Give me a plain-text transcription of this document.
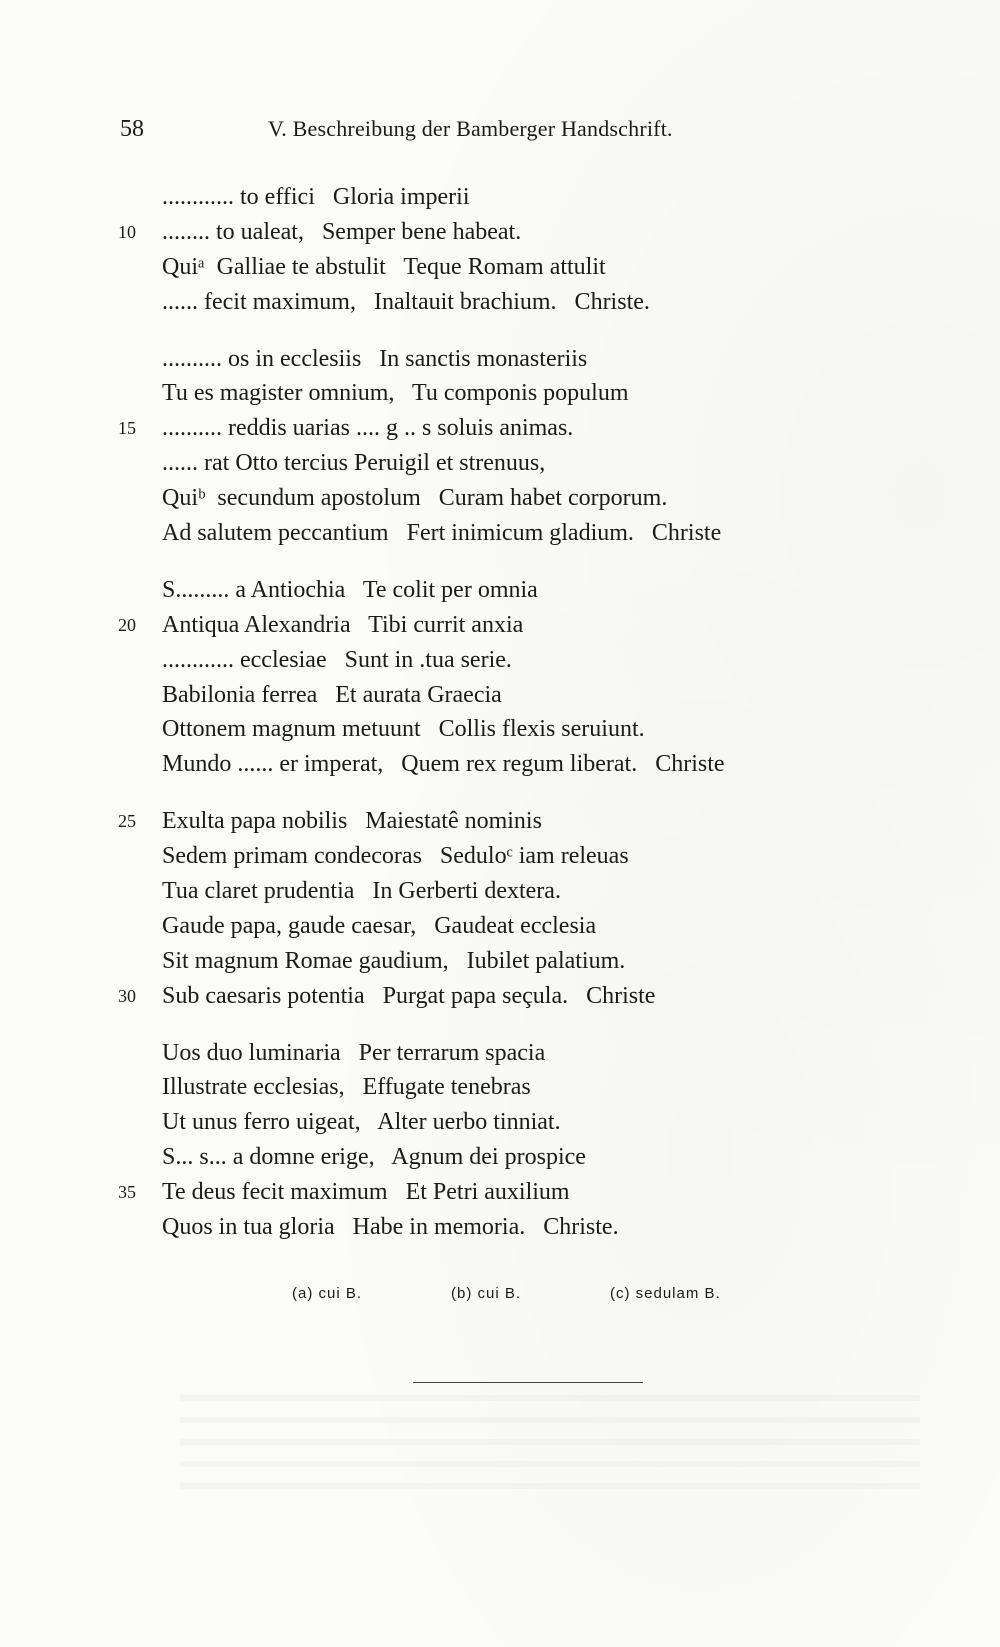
58	V. Beschreibung der Bamberger Handschrift.
............ to effici   Gloria imperii
10	........ to ualeat,   Semper bene habeat.
Quiᵃ  Galliae te abstulit   Teque Romam attulit
...... fecit maximum,   Inaltauit brachium.   Christe.
.......... os in ecclesiis   In sanctis monasteriis
Tu es magister omnium,   Tu componis populum
15	.......... reddis uarias .... g .. s soluis animas.
...... rat Otto tercius Peruigil et strenuus,
Quiᵇ  secundum apostolum   Curam habet corporum.
Ad salutem peccantium   Fert inimicum gladium.   Christe
S......... a Antiochia   Te colit per omnia
20	Antiqua Alexandria   Tibi currit anxia
............ ecclesiae   Sunt in .tua serie.
Babilonia ferrea   Et aurata Graecia
Ottonem magnum metuunt   Collis flexis seruiunt.
Mundo ...... er imperat,   Quem rex regum liberat.   Christe
25	Exulta papa nobilis   Maiestatê nominis
Sedem primam condecoras   Seduloᶜ iam releuas
Tua claret prudentia   In Gerberti dextera.
Gaude papa, gaude caesar,   Gaudeat ecclesia
Sit magnum Romae gaudium,   Iubilet palatium.
30	Sub caesaris potentia   Purgat papa seçula.   Christe
Uos duo luminaria   Per terrarum spacia
Illustrate ecclesias,   Effugate tenebras
Ut unus ferro uigeat,   Alter uerbo tinniat.
S... s... a domne erige,   Agnum dei prospice
35	Te deus fecit maximum   Et Petri auxilium
Quos in tua gloria   Habe in memoria.   Christe.
(a) cui B.	(b) cui B.	(c) sedulam B.
